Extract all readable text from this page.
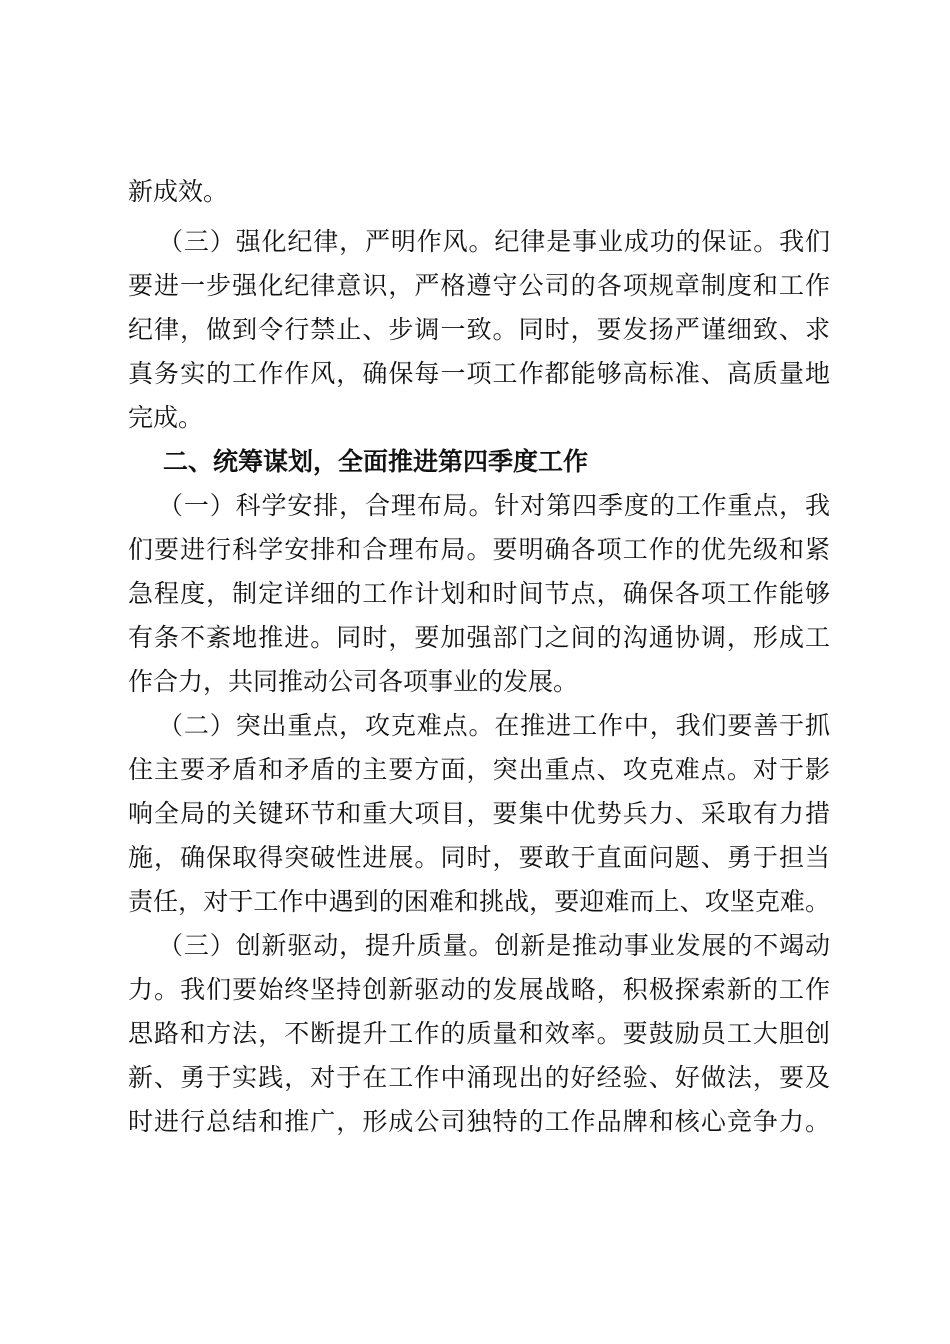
新成效。
（三）强化纪律，严明作风。纪律是事业成功的保证。我们
要进一步强化纪律意识，严格遵守公司的各项规章制度和工作
纪律，做到令行禁止、步调一致。同时，要发扬严谨细致、求
真务实的工作作风，确保每一项工作都能够高标准、高质量地
完成。
二、统筹谋划，全面推进第四季度工作
（一）科学安排，合理布局。针对第四季度的工作重点，我
们要进行科学安排和合理布局。要明确各项工作的优先级和紧
急程度，制定详细的工作计划和时间节点，确保各项工作能够
有条不紊地推进。同时，要加强部门之间的沟通协调，形成工
作合力，共同推动公司各项事业的发展。
（二）突出重点，攻克难点。在推进工作中，我们要善于抓
住主要矛盾和矛盾的主要方面，突出重点、攻克难点。对于影
响全局的关键环节和重大项目，要集中优势兵力、采取有力措
施，确保取得突破性进展。同时，要敢于直面问题、勇于担当
责任，对于工作中遇到的困难和挑战，要迎难而上、攻坚克难。
（三）创新驱动，提升质量。创新是推动事业发展的不竭动
力。我们要始终坚持创新驱动的发展战略，积极探索新的工作
思路和方法，不断提升工作的质量和效率。要鼓励员工大胆创
新、勇于实践，对于在工作中涌现出的好经验、好做法，要及
时进行总结和推广，形成公司独特的工作品牌和核心竞争力。
